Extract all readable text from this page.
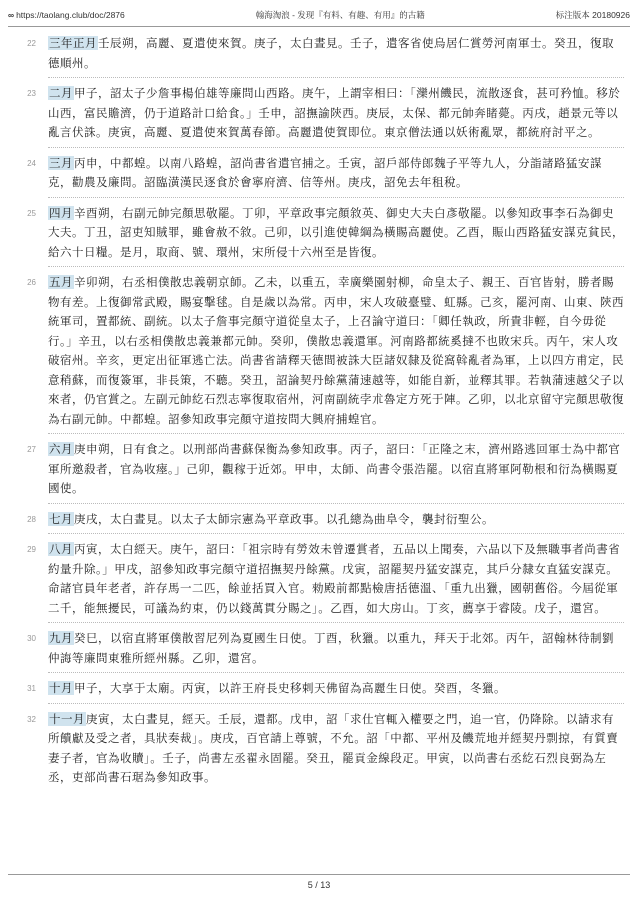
∞ https://taolang.club/doc/2876	翰海淘浪 - 发现『有料、有趣、有用』的古籍	标注版本 20180926
22 三年正月壬辰朔，高麗、夏遣使來賀。庚子，太白晝見。壬子，遣客省使烏居仁賞勞河南軍士。癸丑，復取德順州。
23 二月甲子，詔太子少詹事楊伯雄等廉問山西路。庚午，上謂宰相曰：「灤州饑民，流散逐食，甚可矜恤。移於山西，富民贍濟，仍于道路計口給食。」壬申，詔撫諭陝西。庚辰，太保、都元帥奔睹薨。丙戌，趙景元等以亂言伏誅。庚寅，高麗、夏遣使來賀萬春節。高麗遣使賀即位。東京僧法通以妖術亂眾，都統府討平之。
24 三月丙申，中都蝗。以南八路蝗，詔尚書省遣官捕之。壬寅，詔戶部侍郎魏子平等九人，分詣諸路猛安謀克，勸農及廉問。詔臨潢漢民逐食於會寧府濟、信等州。庚戌，詔免去年租稅。
25 四月辛酉朔，右副元帥完顏思敬罷。丁卯，平章政事完顏敘英、御史大夫白彥敬罷。以參知政事李石為御史大夫。丁丑，詔吏知賊罪，雖會赦不敘。己卯，以引進使韓綱為橫賜高麗使。乙酉，賑山西路猛安謀克貧民，給六十日糧。是月，取商、號、環州，宋所侵十六州至是皆復。
26 五月辛卯朔，右丞相僕散忠義朝京師。乙未，以重五，幸廣樂園射柳，命皇太子、親王、百官皆射，勝者賜物有差。上復御常武殿，賜宴擊毬。自是歲以為常。丙申，宋人攻破臺璧、虹縣。己亥，罷河南、山東、陝西統軍司，置都統、副統。以太子詹事完顏守道從皇太子，上召論守道曰：「卿任執政，所貴非輕，自今毋從行。」辛丑，以右丞相僕散忠義兼都元帥。癸卯，僕散忠義還軍。河南路都統奚撻不也敗宋兵。丙午，宋人攻破宿州。辛亥，更定出征軍逃亡法。尚書省請釋天德間被誅大臣諸奴隸及從窩斡亂者為軍，上以四方甫定，民意稍蘇，而復簽軍，非長策，不聽。癸丑，詔論契丹餘黨蒲速越等，如能自新，並釋其罪。若執蒲速越父子以來者，仍官賞之。左副元帥紇石烈志寧復取宿州，河南副統孛朮魯定方死于陣。乙卯，以北京留守完顏思敬復為右副元帥。中都蝗。詔參知政事完顏守道按問大興府捕蝗官。
27 六月庚申朔，日有食之。以刑部尚書蘇保衡為參知政事。丙子，詔曰：「正隆之末，濟州路逃回軍士為中都官軍所邀殺者，官為收瘞。」己卯，觀稼于近郊。甲申，太師、尚書令張浩罷。以宿直將軍阿勒根和衍為橫賜夏國使。
28 七月庚戌，太白晝見。以太子太師宗憲為平章政事。以孔總為曲阜令，襲封衍聖公。
29 八月丙寅，太白經天。庚午，詔曰：「祖宗時有勞效未曾遷賞者，五品以上聞奏，六品以下及無職事者尚書省約量升除。」甲戌，詔參知政事完顏守道招撫契丹餘黨。戊寅，詔罷契丹猛安謀克，其戶分隸女直猛安謀克。命諸官員年老者，許存馬一二匹，餘並括買入官。勑殿前都點檢唐括德溫、「重九出獵，國朝舊俗。今屆從軍二千，能無擾民，可議為約束，仍以錢萬貫分賜之」。乙酉，如大房山。丁亥，薦享于睿陵。戊子，還宮。
30 九月癸巳，以宿直將軍僕散習尼列為夏國生日使。丁酉，秋獵。以重九，拜天于北郊。丙午，詔翰林待制劉仲誨等廉問東雅所經州縣。乙卯，還宮。
31 十月甲子，大享于太廟。丙寅，以許王府長史移剌天佛留為高麗生日使。癸酉，冬獵。
32 十一月庚寅，太白晝見，經天。壬辰，還都。戊申，詔「求仕官輒入權要之門，追一官，仍降除。以請求有所饋獻及受之者，具狀奏裁」。庚戌，百官請上尊號，不允。詔「中都、平州及饑荒地并經契丹剽掠，有質賣妻子者，官為收贖」。壬子，尚書左丞翟永固罷。癸丑，罷貢金線段疋。甲寅，以尚書右丞紇石烈良弼為左丞，吏部尚書石琚為參知政事。
5 / 13
